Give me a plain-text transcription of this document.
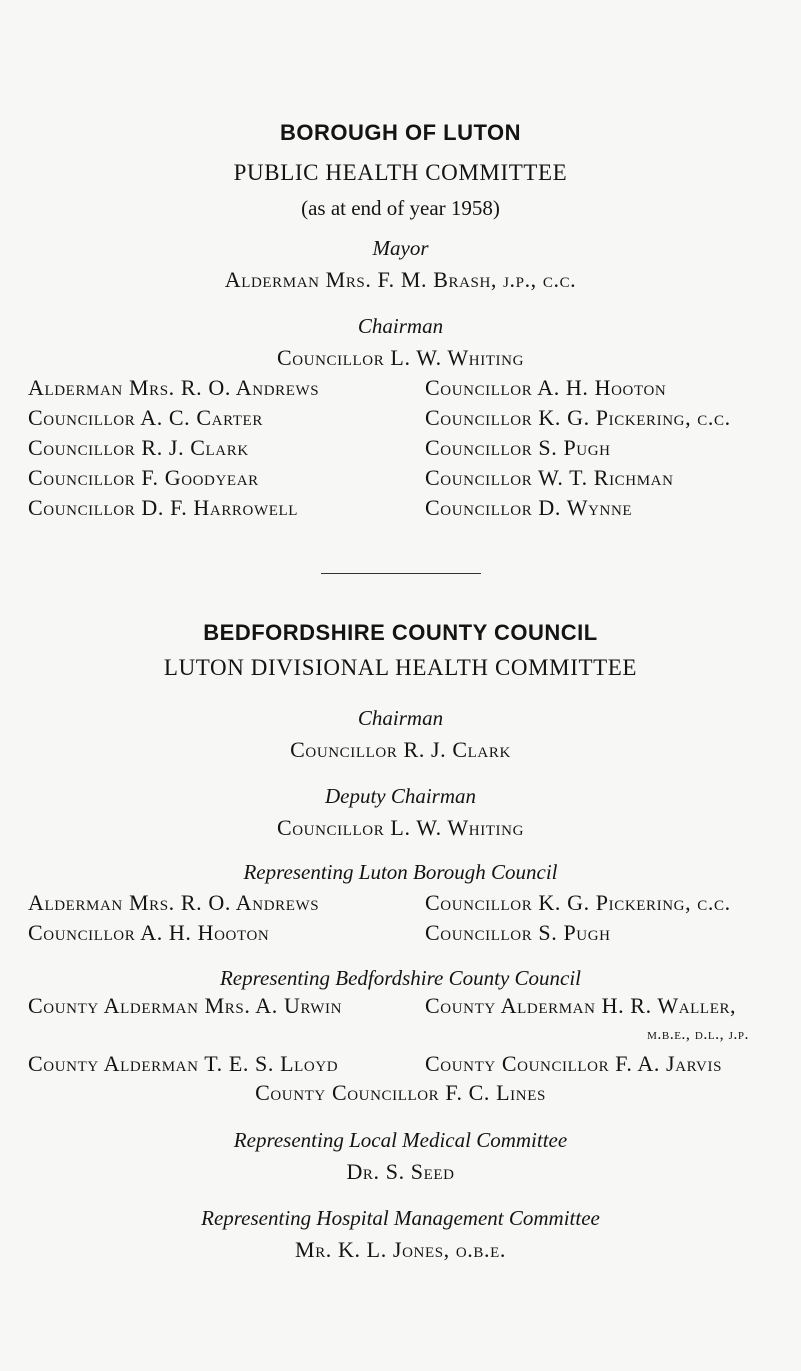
BOROUGH OF LUTON
PUBLIC HEALTH COMMITTEE
(as at end of year 1958)
Mayor
Alderman Mrs. F. M. Brash, j.p., c.c.
Chairman
Councillor L. W. Whiting
Alderman Mrs. R. O. Andrews
Councillor A. C. Carter
Councillor R. J. Clark
Councillor F. Goodyear
Councillor D. F. Harrowell
Councillor A. H. Hooton
Councillor K. G. Pickering, c.c.
Councillor S. Pugh
Councillor W. T. Richman
Councillor D. Wynne
BEDFORDSHIRE COUNTY COUNCIL
LUTON DIVISIONAL HEALTH COMMITTEE
Chairman
Councillor R. J. Clark
Deputy Chairman
Councillor L. W. Whiting
Representing Luton Borough Council
Alderman Mrs. R. O. Andrews
Councillor A. H. Hooton
Councillor K. G. Pickering, c.c.
Councillor S. Pugh
Representing Bedfordshire County Council
County Alderman Mrs. A. Urwin	County Alderman H. R. Waller,
m.b.e., d.l., j.p.
County Alderman T. E. S. Lloyd	County Councillor F. A. Jarvis
County Councillor F. C. Lines
Representing Local Medical Committee
Dr. S. Seed
Representing Hospital Management Committee
Mr. K. L. Jones, o.b.e.
